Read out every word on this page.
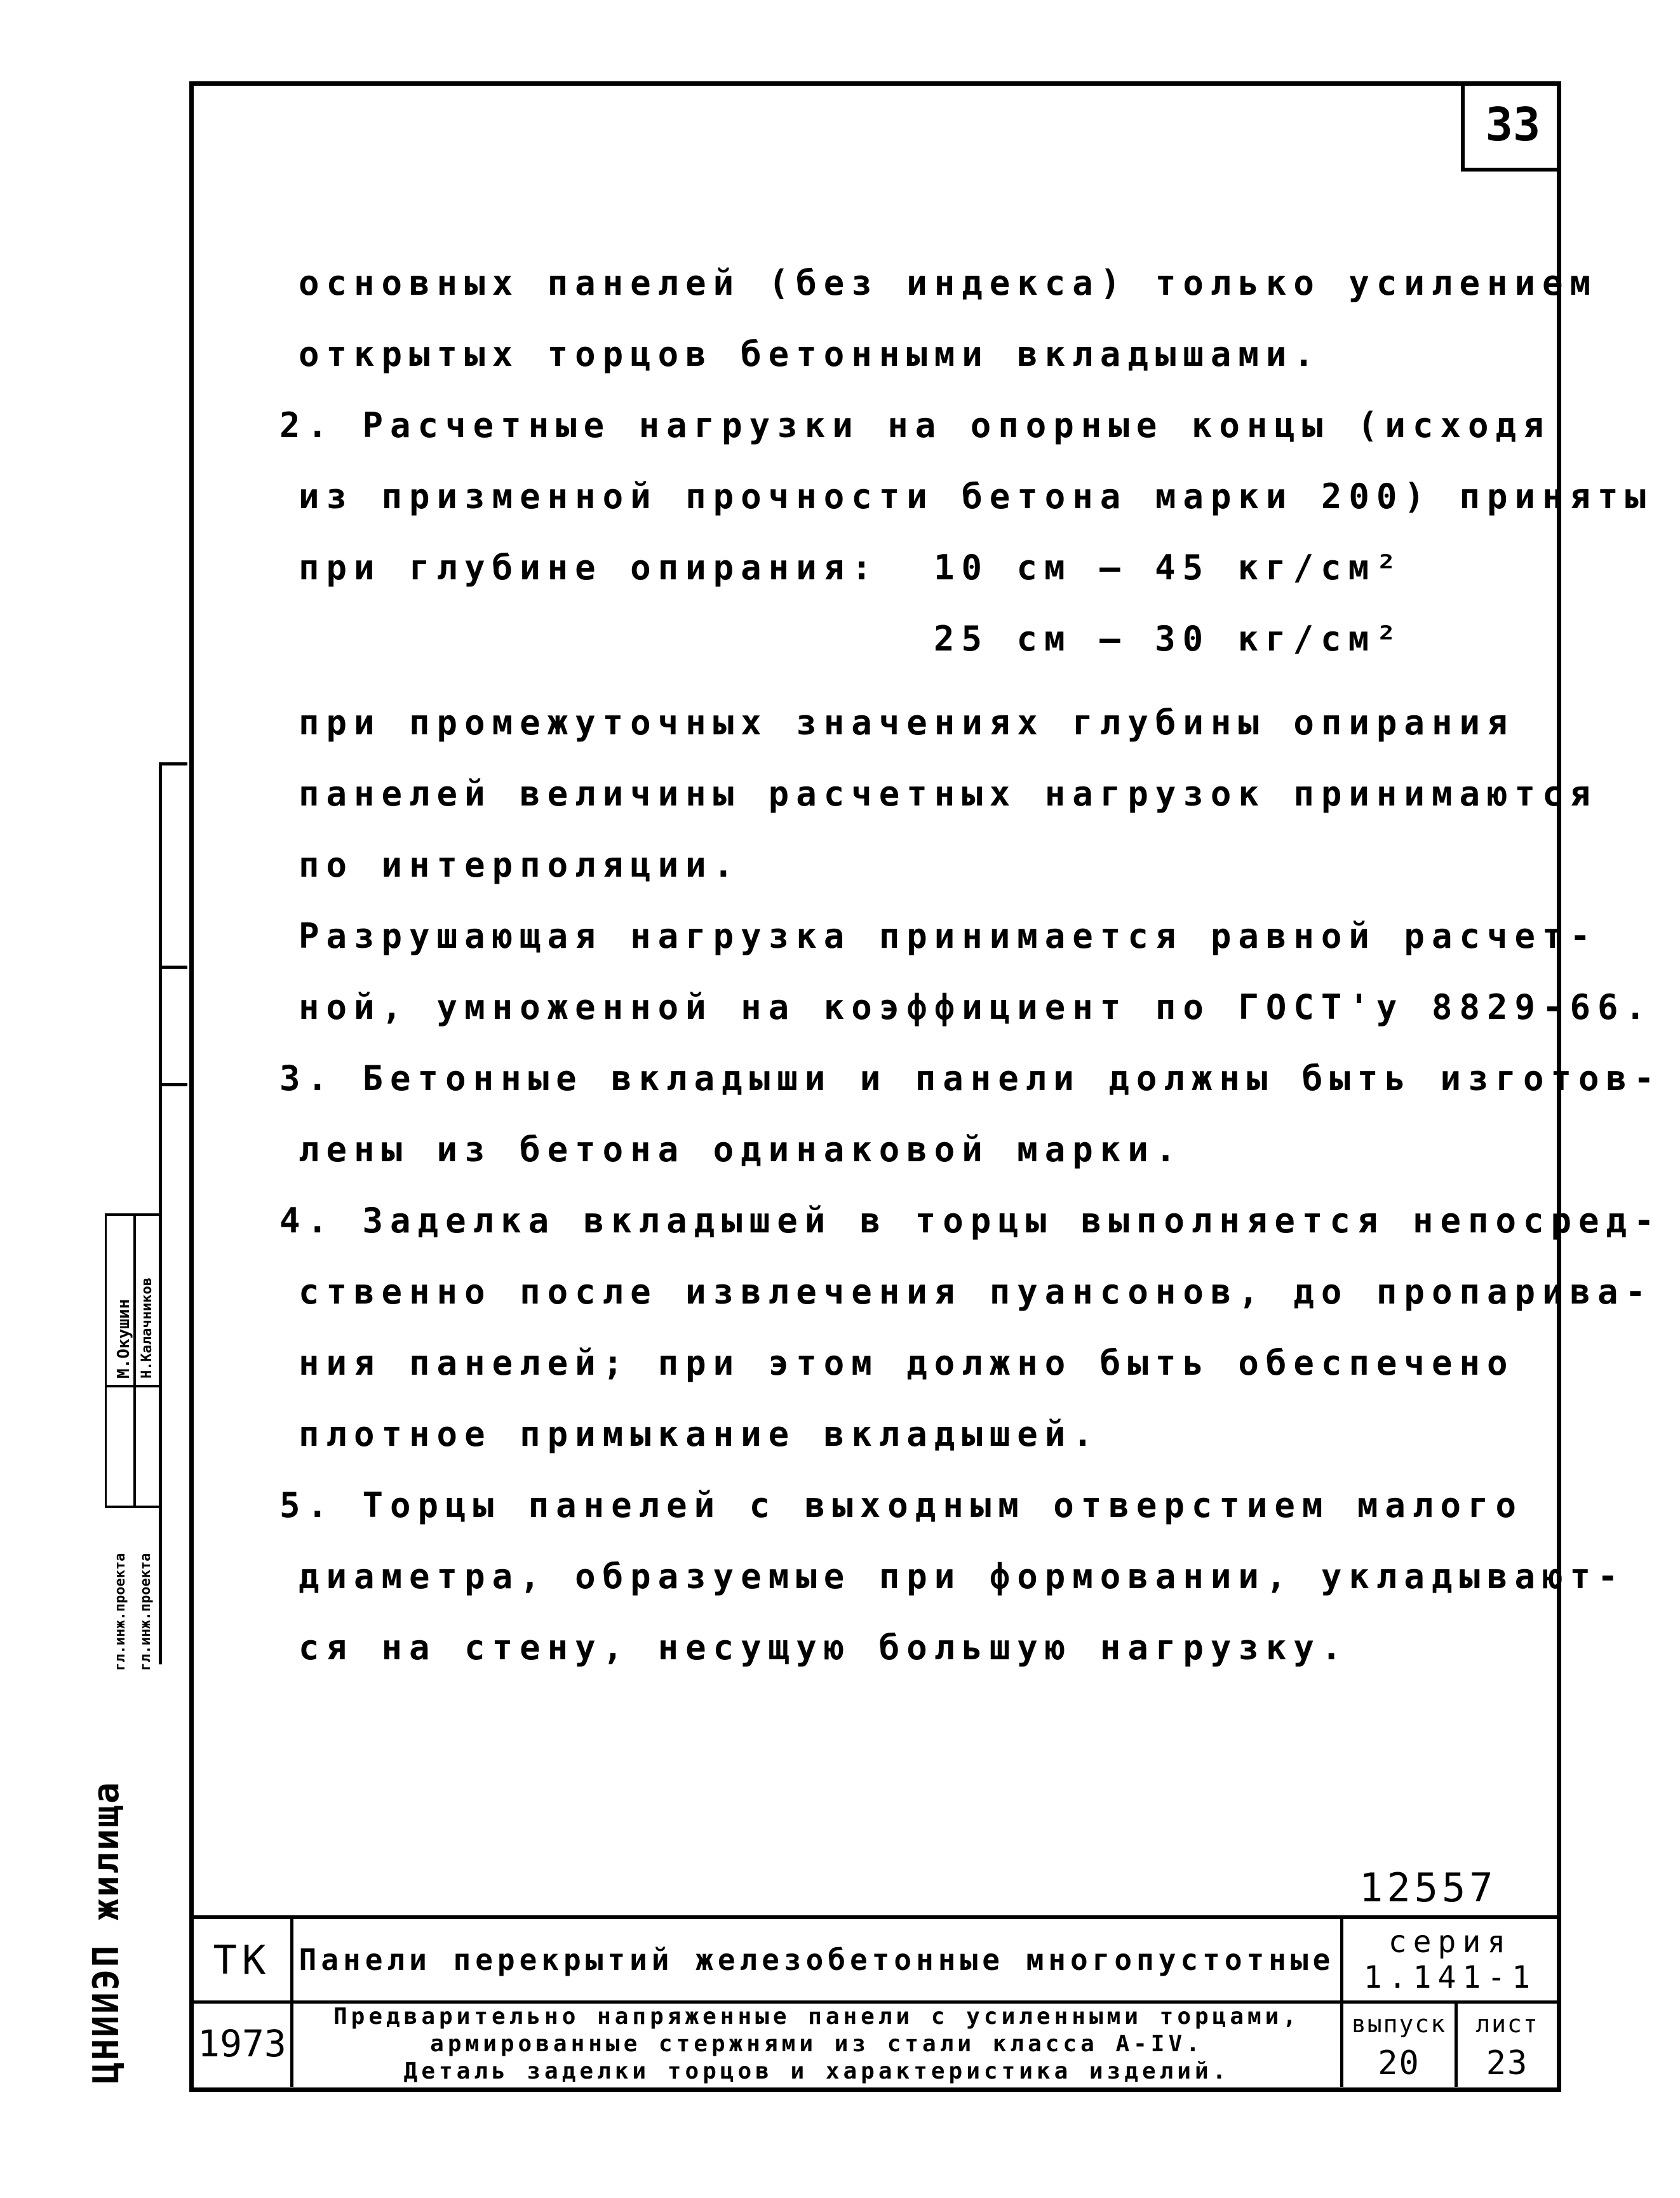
33
основных панелей (без индекса) только усилением
открытых торцов бетонными вкладышами.
2. Расчетные нагрузки на опорные концы (исходя
из призменной прочности бетона марки 200) приняты
при глубине опирания: 10 см — 45 кг/см²
25 см — 30 кг/см²
при промежуточных значениях глубины опирания
панелей величины расчетных нагрузок принимаются
по интерполяции.
Разрушающая нагрузка принимается равной расчет-
ной, умноженной на коэффициент по ГОСТ'у 8829-66.
3. Бетонные вкладыши и панели должны быть изготов-
лены из бетона одинаковой марки.
4. Заделка вкладышей в торцы выполняется непосред-
ственно после извлечения пуансонов, до пропарива-
ния панелей; при этом должно быть обеспечено
плотное примыкание вкладышей.
5. Торцы панелей с выходным отверстием малого
диаметра, образуемые при формовании, укладывают-
ся на стену, несущую большую нагрузку.
12557
ТК
1973
Панели перекрытий железобетонные многопустотные
Предварительно напряженные панели с усиленными торцами,
армированные стержнями из стали класса А-IV.
Деталь заделки торцов и характеристика изделий.
серия
1.141-1
выпуск
20
лист
23
ЦНИИЭП жилища
гл.инж.проекта гл.инж.проекта
М.Окушин Н.Калачников
